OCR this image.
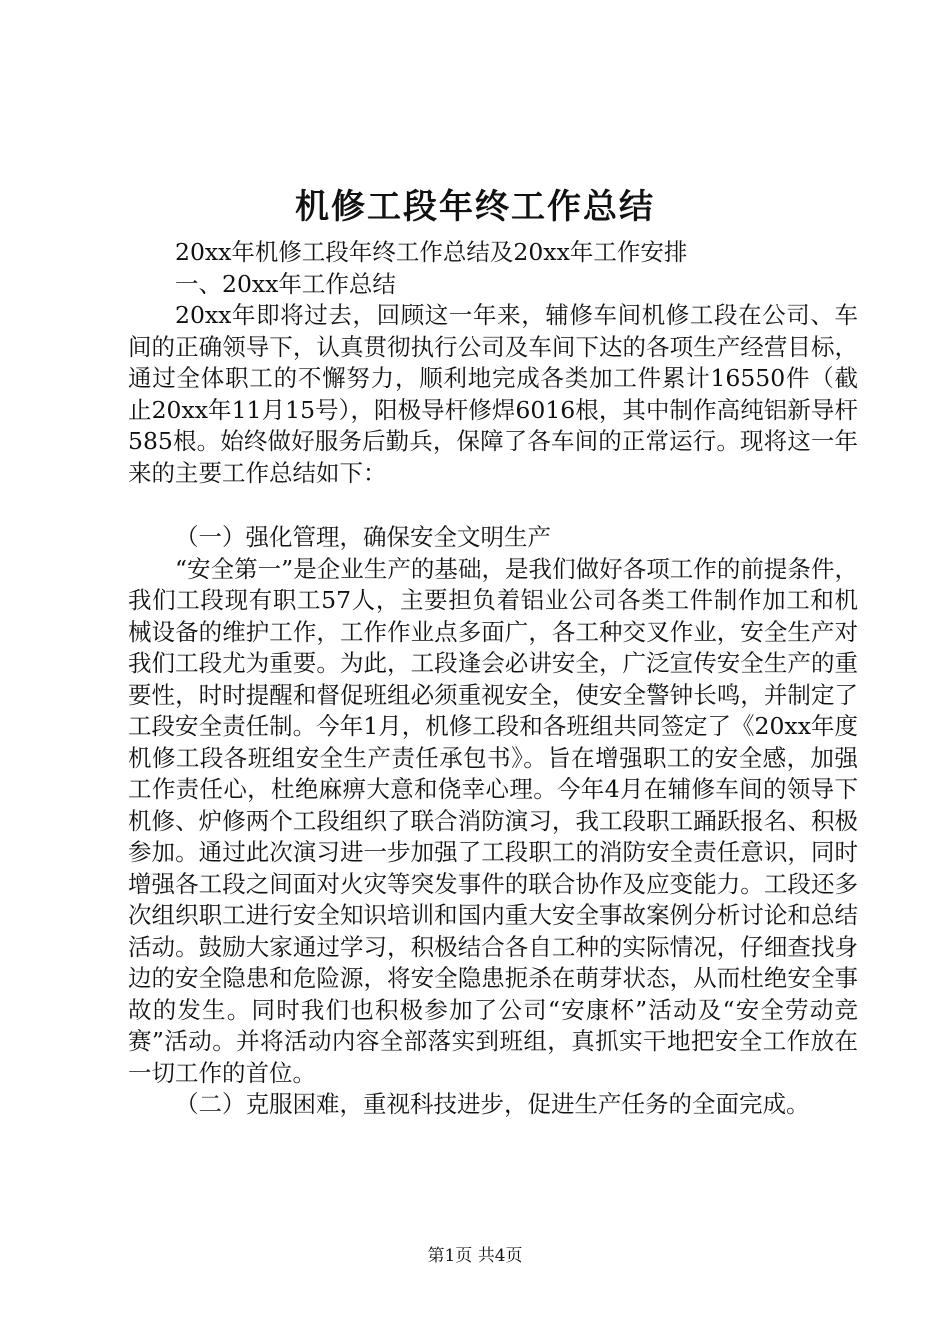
机修工段年终工作总结

20xx年机修工段年终工作总结及20xx年工作安排

一、20xx年工作总结

20xx年即将过去，回顾这一年来，辅修车间机修工段在公司、车间的正确领导下，认真贯彻执行公司及车间下达的各项生产经营目标，通过全体职工的不懈努力，顺利地完成各类加工件累计16550件（截止20xx年11月15号），阳极导杆修焊6016根，其中制作高纯铝新导杆585根。始终做好服务后勤兵，保障了各车间的正常运行。现将这一年来的主要工作总结如下：

（一）强化管理，确保安全文明生产

“安全第一”是企业生产的基础，是我们做好各项工作的前提条件，我们工段现有职工57人，主要担负着铝业公司各类工件制作加工和机械设备的维护工作，工作作业点多面广，各工种交叉作业，安全生产对我们工段尤为重要。为此，工段逢会必讲安全，广泛宣传安全生产的重要性，时时提醒和督促班组必须重视安全，使安全警钟长鸣，并制定了工段安全责任制。今年1月，机修工段和各班组共同签定了《20xx年度机修工段各班组安全生产责任承包书》。旨在增强职工的安全感，加强工作责任心，杜绝麻痹大意和侥幸心理。今年4月在辅修车间的领导下机修、炉修两个工段组织了联合消防演习，我工段职工踊跃报名、积极参加。通过此次演习进一步加强了工段职工的消防安全责任意识，同时增强各工段之间面对火灾等突发事件的联合协作及应变能力。工段还多次组织职工进行安全知识培训和国内重大安全事故案例分析讨论和总结活动。鼓励大家通过学习，积极结合各自工种的实际情况，仔细查找身边的安全隐患和危险源，将安全隐患扼杀在萌芽状态，从而杜绝安全事故的发生。同时我们也积极参加了公司“安康杯”活动及“安全劳动竞赛”活动。并将活动内容全部落实到班组，真抓实干地把安全工作放在一切工作的首位。

（二）克服困难，重视科技进步，促进生产任务的全面完成。

第1页 共4页
